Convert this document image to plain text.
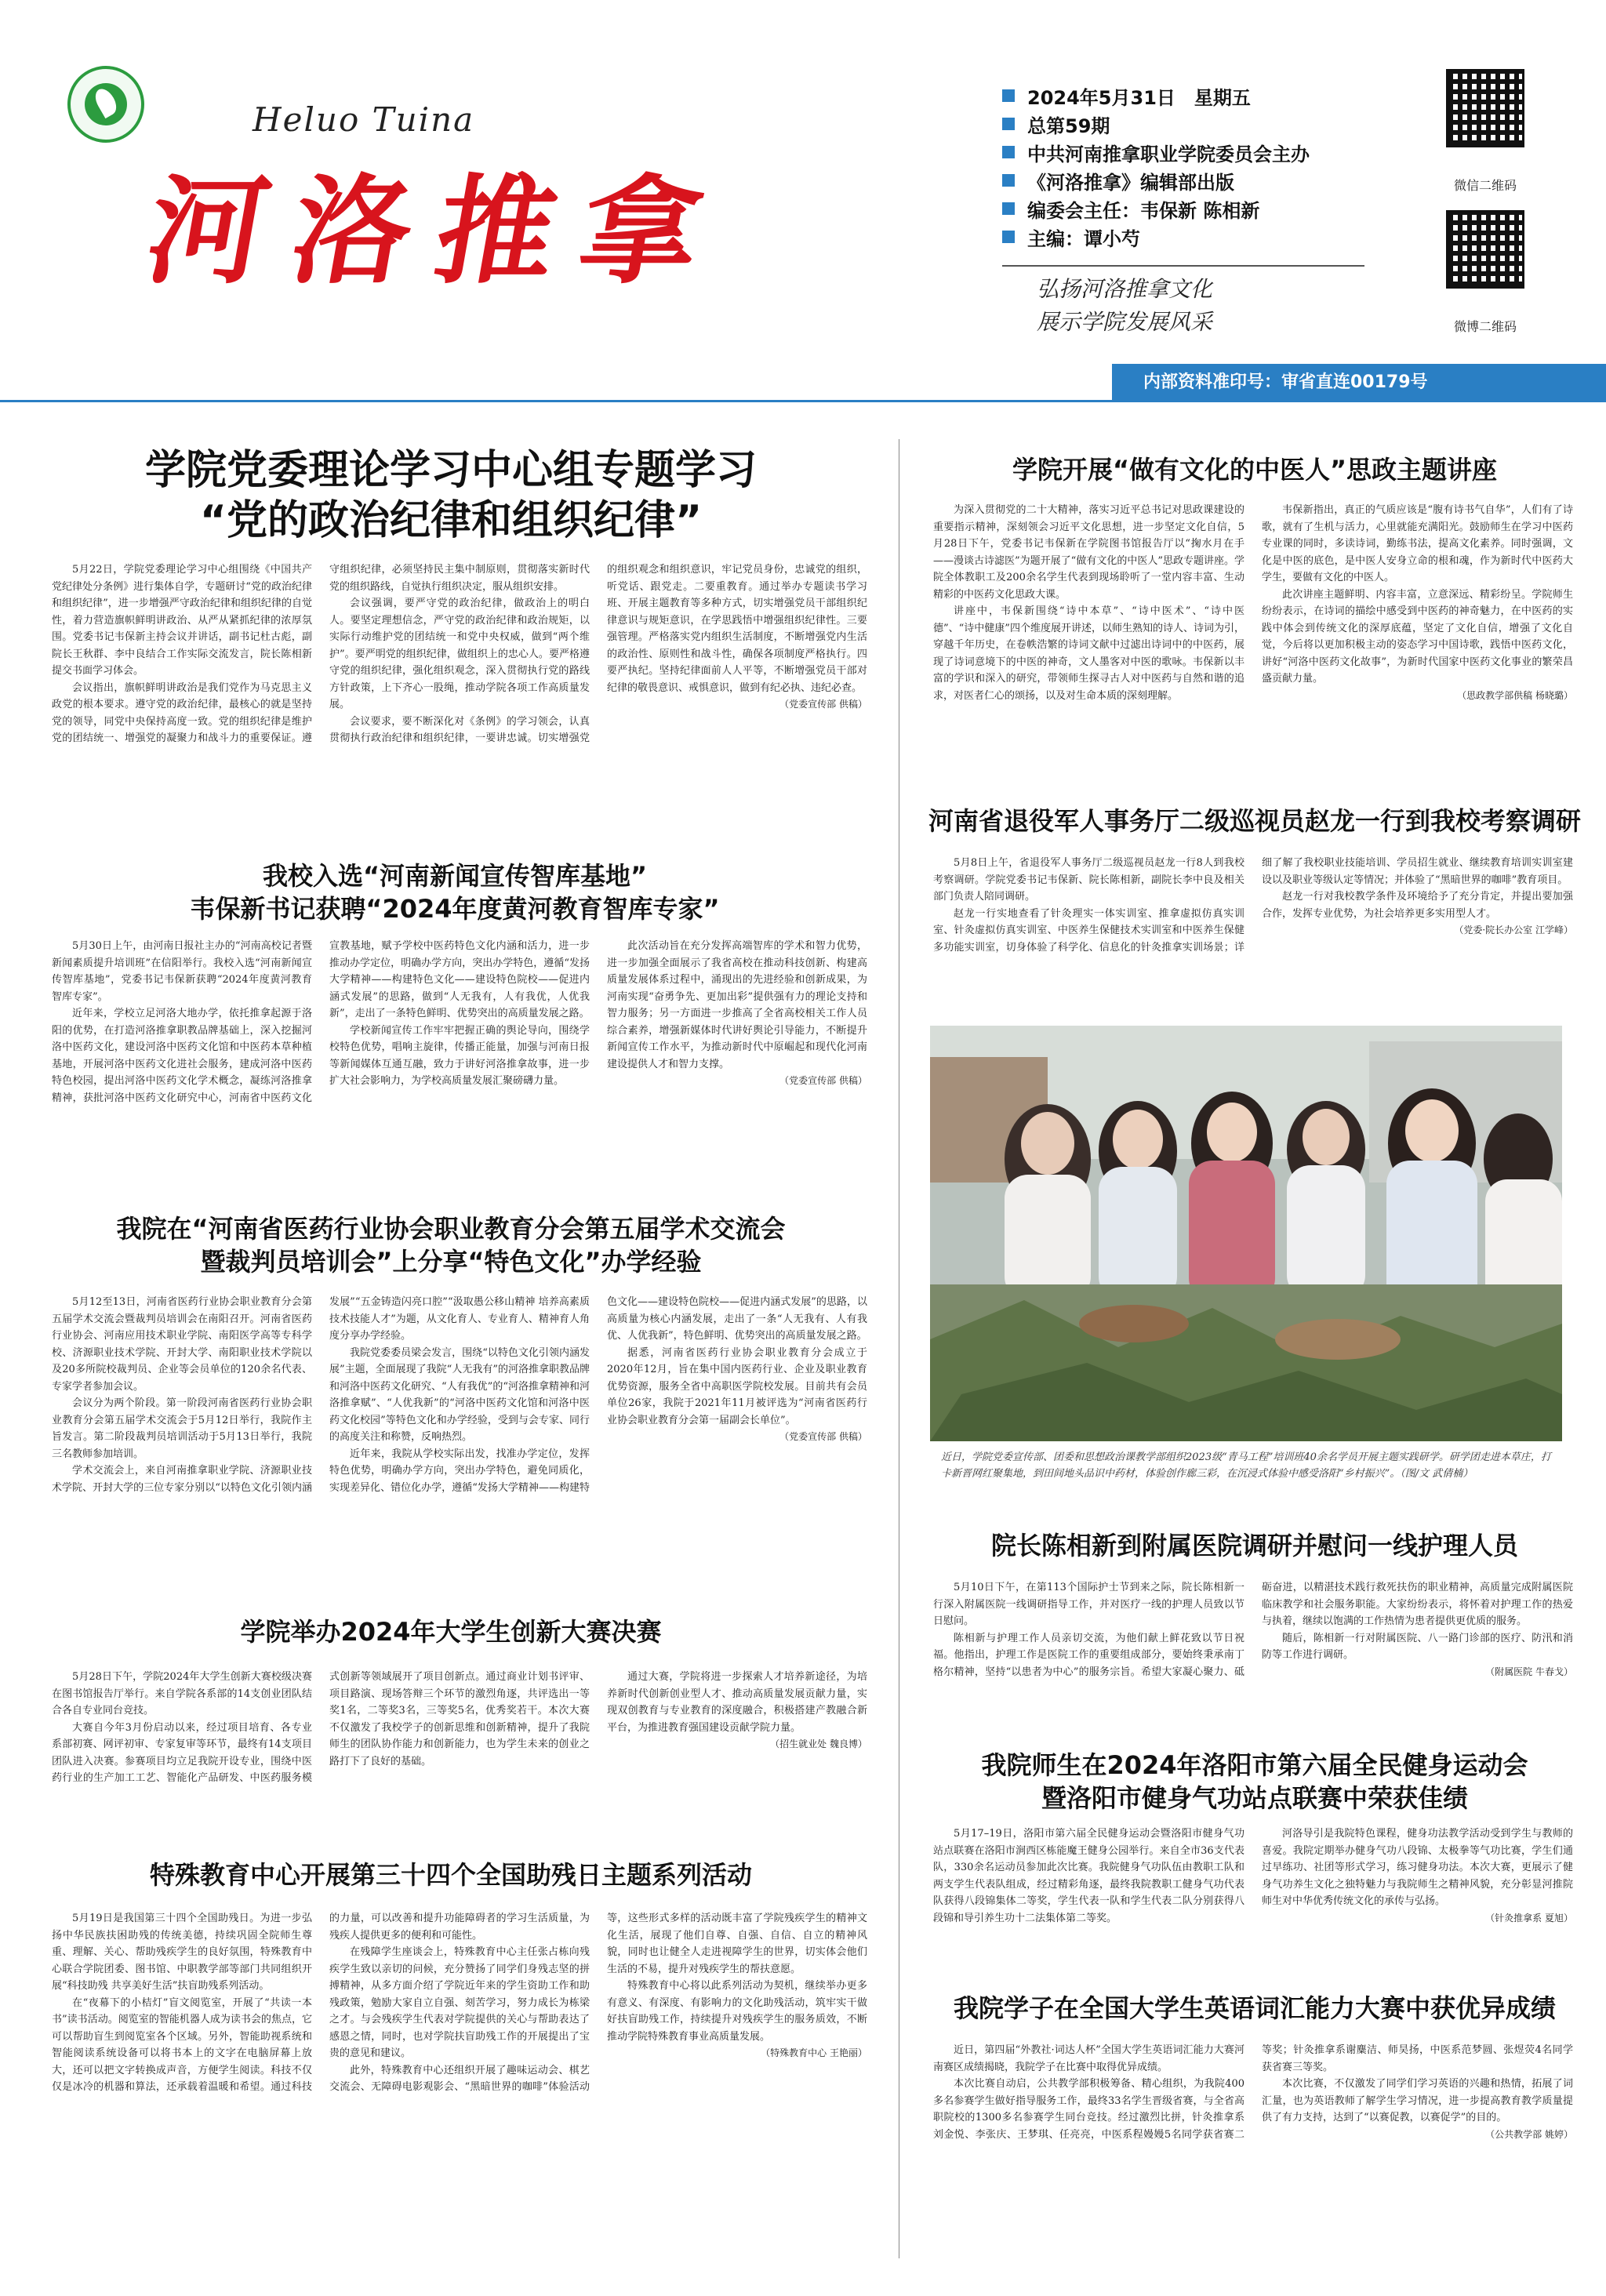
Heluo Tuina
河洛推拿
2024年5月31日　星期五
总第59期
中共河南推拿职业学院委员会主办
《河洛推拿》编辑部出版
编委会主任：韦保新 陈相新
主编：谭小芍
弘扬河洛推拿文化
展示学院发展风采
微信二维码
微博二维码
内部资料准印号：审省直连00179号
学院党委理论学习中心组专题学习
“党的政治纪律和组织纪律”

5月22日，学院党委理论学习中心组围绕《中国共产党纪律处分条例》进行集体自学，专题研讨“党的政治纪律和组织纪律”，进一步增强严守政治纪律和组织纪律的自觉性，着力营造旗帜鲜明讲政治、从严从紧抓纪律的浓厚氛围。党委书记韦保新主持会议并讲话，副书记杜古彪，副院长王秋群、李中良结合工作实际交流发言，院长陈相新提交书面学习体会。

会议指出，旗帜鲜明讲政治是我们党作为马克思主义政党的根本要求。遵守党的政治纪律，最核心的就是坚持党的领导，同党中央保持高度一致。党的组织纪律是维护党的团结统一、增强党的凝聚力和战斗力的重要保证。遵守组织纪律，必须坚持民主集中制原则，贯彻落实新时代党的组织路线，自觉执行组织决定，服从组织安排。

会议强调，要严守党的政治纪律，做政治上的明白人。要坚定理想信念，严守党的政治纪律和政治规矩，以实际行动维护党的团结统一和党中央权威，做到“两个维护”。要严明党的组织纪律，做组织上的忠心人。要严格遵守党的组织纪律，强化组织观念，深入贯彻执行党的路线方针政策，上下齐心一股绳，推动学院各项工作高质量发展。

会议要求，要不断深化对《条例》的学习领会，认真贯彻执行政治纪律和组织纪律，一要讲忠诚。切实增强党的组织观念和组织意识，牢记党员身份，忠诚党的组织，听党话、跟党走。二要重教育。通过举办专题读书学习班、开展主题教育等多种方式，切实增强党员干部组织纪律意识与规矩意识，在学思践悟中增强组织纪律性。三要强管理。严格落实党内组织生活制度，不断增强党内生活的政治性、原则性和战斗性，确保各项制度严格执行。四要严执纪。坚持纪律面前人人平等，不断增强党员干部对纪律的敬畏意识、戒惧意识，做到有纪必执、违纪必查。

（党委宣传部 供稿）

我校入选“河南新闻宣传智库基地”
韦保新书记获聘“2024年度黄河教育智库专家”

5月30日上午，由河南日报社主办的“河南高校记者暨新闻素质提升培训班”在信阳举行。我校入选“河南新闻宣传智库基地”，党委书记韦保新获聘“2024年度黄河教育智库专家”。

近年来，学校立足河洛大地办学，依托推拿起源于洛阳的优势，在打造河洛推拿职教品牌基础上，深入挖掘河洛中医药文化，建设河洛中医药文化馆和中医药本草种植基地，开展河洛中医药文化进社会服务，建成河洛中医药特色校园，提出河洛中医药文化学术概念，凝练河洛推拿精神，获批河洛中医药文化研究中心，河南省中医药文化宣教基地，赋予学校中医药特色文化内涵和活力，进一步推动办学定位，明确办学方向，突出办学特色，遵循“发扬大学精神——构建特色文化——建设特色院校——促进内涵式发展”的思路，做到“人无我有，人有我优，人优我新”，走出了一条特色鲜明、优势突出的高质量发展之路。

学校新闻宣传工作牢牢把握正确的舆论导向，围绕学校特色优势，唱响主旋律，传播正能量，加强与河南日报等新闻媒体互通互融，致力于讲好河洛推拿故事，进一步扩大社会影响力，为学校高质量发展汇聚磅礴力量。

此次活动旨在充分发挥高端智库的学术和智力优势，进一步加强全面展示了我省高校在推动科技创新、构建高质量发展体系过程中，涌现出的先进经验和创新成果，为河南实现“奋勇争先、更加出彩”提供强有力的理论支持和智力服务；另一方面进一步推高了全省高校相关工作人员综合素养，增强新媒体时代讲好舆论引导能力，不断提升新闻宣传工作水平，为推动新时代中原崛起和现代化河南建设提供人才和智力支撑。

（党委宣传部 供稿）

我院在“河南省医药行业协会职业教育分会第五届学术交流会
暨裁判员培训会”上分享“特色文化”办学经验

5月12至13日，河南省医药行业协会职业教育分会第五届学术交流会暨裁判员培训会在南阳召开。河南省医药行业协会、河南应用技术职业学院、南阳医学高等专科学校、济源职业技术学院、开封大学、南阳职业技术学院以及20多所院校裁判员、企业等会员单位的120余名代表、专家学者参加会议。

会议分为两个阶段。第一阶段河南省医药行业协会职业教育分会第五届学术交流会于5月12日举行，我院作主旨发言。第二阶段裁判员培训活动于5月13日举行，我院三名教师参加培训。

学术交流会上，来自河南推拿职业学院、济源职业技术学院、开封大学的三位专家分别以“以特色文化引领内涵发展”“五金铸造闪亮口腔”“汲取愚公移山精神 培养高素质技术技能人才”为题，从文化育人、专业育人、精神育人角度分享办学经验。

我院党委委员梁会发言，围绕“以特色文化引领内涵发展”主题，全面展现了我院“人无我有”的河洛推拿职教品牌和河洛中医药文化研究、“人有我优”的“河洛推拿精神和河洛推拿赋”、“人优我新”的“河洛中医药文化馆和河洛中医药文化校园”等特色文化和办学经验，受到与会专家、同行的高度关注和称赞，反响热烈。

近年来，我院从学校实际出发，找准办学定位，发挥特色优势，明确办学方向，突出办学特色，避免同质化，实现差异化、错位化办学，遵循“发扬大学精神——构建特色文化——建设特色院校——促进内涵式发展”的思路，以高质量为核心内涵发展，走出了一条“人无我有、人有我优、人优我新”，特色鲜明、优势突出的高质量发展之路。

据悉，河南省医药行业协会职业教育分会成立于2020年12月，旨在集中国内医药行业、企业及职业教育优势资源，服务全省中高职医学院校发展。目前共有会员单位26家，我院于2021年11月被评选为“河南省医药行业协会职业教育分会第一届副会长单位”。

（党委宣传部 供稿）

学院举办2024年大学生创新大赛决赛

5月28日下午，学院2024年大学生创新大赛校级决赛在图书馆报告厅举行。来自学院各系部的14支创业团队结合各自专业同台竞技。

大赛自今年3月份启动以来，经过项目培育、各专业系部初赛、网评初审、专家复审等环节，最终有14支项目团队进入决赛。参赛项目均立足我院开设专业，围绕中医药行业的生产加工工艺、智能化产品研发、中医药服务模式创新等领域展开了项目创新点。通过商业计划书评审、项目路演、现场答辩三个环节的激烈角逐，共评选出一等奖1名，二等奖3名，三等奖5名，优秀奖若干。本次大赛不仅激发了我校学子的创新思维和创新精神，提升了我院师生的团队协作能力和创新能力，也为学生未来的创业之路打下了良好的基础。

通过大赛，学院将进一步探索人才培养新途径，为培养新时代创新创业型人才、推动高质量发展贡献力量，实现双创教育与专业教育的深度融合，积极搭建产教融合新平台，为推进教育强国建设贡献学院力量。

（招生就业处 魏良博）

特殊教育中心开展第三十四个全国助残日主题系列活动

5月19日是我国第三十四个全国助残日。为进一步弘扬中华民族扶困助残的传统美德，持续巩固全院师生尊重、理解、关心、帮助残疾学生的良好氛围，特殊教育中心联合学院团委、图书馆、中职教学部等部门共同组织开展“科技助残 共享美好生活”扶盲助残系列活动。

在“夜幕下的小桔灯”盲文阅览室，开展了“共读一本书”读书活动。阅览室的智能机器人成为读书会的焦点，它可以帮助盲生到阅览室各个区域。另外，智能助视系统和智能阅读系统设备可以将书本上的文字在电脑屏幕上放大，还可以把文字转换成声音，方便学生阅读。科技不仅仅是冰冷的机器和算法，还承载着温暖和希望。通过科技的力量，可以改善和提升功能障碍者的学习生活质量，为残疾人提供更多的便利和可能性。

在残障学生座谈会上，特殊教育中心主任张占栋向残疾学生致以亲切的问候，充分赞扬了同学们身残志坚的拼搏精神，从多方面介绍了学院近年来的学生资助工作和助残政策，勉励大家自立自强、刻苦学习，努力成长为栋梁之才。与会残疾学生代表对学院提供的关心与帮助表达了感恩之情，同时，也对学院扶盲助残工作的开展提出了宝贵的意见和建议。

此外，特殊教育中心还组织开展了趣味运动会、棋艺交流会、无障碍电影观影会、“黑暗世界的咖啡”体验活动等，这些形式多样的活动既丰富了学院残疾学生的精神文化生活，展现了他们自尊、自强、自信、自立的精神风貌，同时也让健全人走进视障学生的世界，切实体会他们生活的不易，提升对残疾学生的帮扶意愿。

特殊教育中心将以此系列活动为契机，继续举办更多有意义、有深度、有影响力的文化助残活动，筑牢实干做好扶盲助残工作，持续提升对残疾学生的服务质效，不断推动学院特殊教育事业高质量发展。

（特殊教育中心 王艳丽）

学院开展“做有文化的中医人”思政主题讲座

为深入贯彻党的二十大精神，落实习近平总书记对思政课建设的重要指示精神，深刻领会习近平文化思想，进一步坚定文化自信，5月28日下午，党委书记韦保新在学院图书馆报告厅以“掬水月在手——漫谈古诗滤医”为题开展了“做有文化的中医人”思政专题讲座。学院全体教职工及200余名学生代表到现场聆听了一堂内容丰富、生动精彩的中医药文化思政大课。

讲座中，韦保新围绕“诗中本草”、“诗中医术”、“诗中医德”、“诗中健康”四个维度展开讲述，以师生熟知的诗人、诗词为引，穿越千年历史，在卷帙浩繁的诗词文献中过滤出诗词中的中医药，展现了诗词意境下的中医的神奇，文人墨客对中医的歌咏。韦保新以丰富的学识和深入的研究，带领师生探寻古人对中医药与自然和谐的追求，对医者仁心的颂扬，以及对生命本质的深刻理解。

韦保新指出，真正的气质应该是“腹有诗书气自华”，人们有了诗歌，就有了生机与活力，心里就能充满阳光。鼓励师生在学习中医药专业课的同时，多读诗词，勤练书法，提高文化素养。同时强调，文化是中医的底色，是中医人安身立命的根和魂，作为新时代中医药大学生，要做有文化的中医人。

此次讲座主题鲜明、内容丰富，立意深远、精彩纷呈。学院师生纷纷表示，在诗词的描绘中感受到中医药的神奇魅力，在中医药的实践中体会到传统文化的深厚底蕴，坚定了文化自信，增强了文化自觉，今后将以更加积极主动的姿态学习中国诗歌，践悟中医药文化，讲好“河洛中医药文化故事”，为新时代国家中医药文化事业的繁荣昌盛贡献力量。

（思政教学部供稿 杨晓璐）

河南省退役军人事务厅二级巡视员赵龙一行到我校考察调研

5月8日上午，省退役军人事务厅二级巡视员赵龙一行8人到我校考察调研。学院党委书记韦保新、院长陈相新，副院长李中良及相关部门负责人陪同调研。

赵龙一行实地查看了针灸理实一体实训室、推拿虚拟仿真实训室、针灸虚拟仿真实训室、中医养生保健技术实训室和中医养生保健多功能实训室，切身体验了科学化、信息化的针灸推拿实训场景；详细了解了我校职业技能培训、学员招生就业、继续教育培训实训室建设以及职业等级认定等情况；并体验了“黑暗世界的咖啡”教育项目。

赵龙一行对我校教学条件及环境给予了充分肯定，并提出要加强合作，发挥专业优势，为社会培养更多实用型人才。

（党委·院长办公室 江学峰）

近日，学院党委宣传部、团委和思想政治课教学部组织2023级“青马工程”培训班40余名学员开展主题实践研学。研学团走进本草庄，打卡新晋网红聚集地，到田间地头品识中药材，体验创作廊三彩，在沉浸式体验中感受洛阳“乡村振兴”。（图/文 武倩楠）
院长陈相新到附属医院调研并慰问一线护理人员

5月10日下午，在第113个国际护士节到来之际，院长陈相新一行深入附属医院一线调研指导工作，并对医疗一线的护理人员致以节日慰问。

陈相新与护理工作人员亲切交流，为他们献上鲜花致以节日祝福。他指出，护理工作是医院工作的重要组成部分，要始终秉承南丁格尔精神，坚持“以患者为中心”的服务宗旨。希望大家凝心聚力、砥砺奋进，以精湛技术践行救死扶伤的职业精神，高质量完成附属医院临床教学和社会服务职能。大家纷纷表示，将怀着对护理工作的热爱与执着，继续以饱满的工作热情为患者提供更优质的服务。

随后，陈相新一行对附属医院、八一路门诊部的医疗、防汛和消防等工作进行调研。

（附属医院 牛春戈）

我院师生在2024年洛阳市第六届全民健身运动会
暨洛阳市健身气功站点联赛中荣获佳绩

5月17–19日，洛阳市第六届全民健身运动会暨洛阳市健身气功站点联赛在洛阳市涧西区栋能魔王健身公园举行。来自全市36支代表队，330余名运动员参加此次比赛。我院健身气功队伍由教职工队和两支学生代表队组成，经过精彩角逐，最终我院教职工健身气功代表队获得八段锦集体二等奖，学生代表一队和学生代表二队分别获得八段锦和导引养生功十二法集体第二等奖。

河洛导引是我院特色课程，健身功法教学活动受到学生与教师的喜爱。我院定期举办健身气功八段锦、太极拳等气功比赛，学生们通过早练功、社团等形式学习，练习健身功法。本次大赛，更展示了健身气功养生文化之独特魅力与我院师生之精神风貌，充分彰显河推院师生对中华优秀传统文化的承传与弘扬。

（针灸推拿系 夏旭）

我院学子在全国大学生英语词汇能力大赛中获优异成绩

近日，第四届“外教社·词达人杯”全国大学生英语词汇能力大赛河南赛区成绩揭晓，我院学子在比赛中取得优异成绩。

本次比赛自动启，公共教学部积极筹备、精心组织，为我院400多名参赛学生做好指导服务工作，最终33名学生晋级省赛，与全省高职院校的1300多名参赛学生同台竞技。经过激烈比拼，针灸推拿系刘金悦、李张庆、王梦琪、任亮亮，中医系程嫚嫚5名同学获省赛二等奖；针灸推拿系谢麋洁、师昊扬，中医系范梦圆、张煜荧4名同学获省赛三等奖。

本次比赛，不仅激发了同学们学习英语的兴趣和热情，拓展了词汇量，也为英语教师了解学生学习情况，进一步提高教育教学质量提供了有力支持，达到了“以赛促教，以赛促学”的目的。

（公共教学部 姚婷）
